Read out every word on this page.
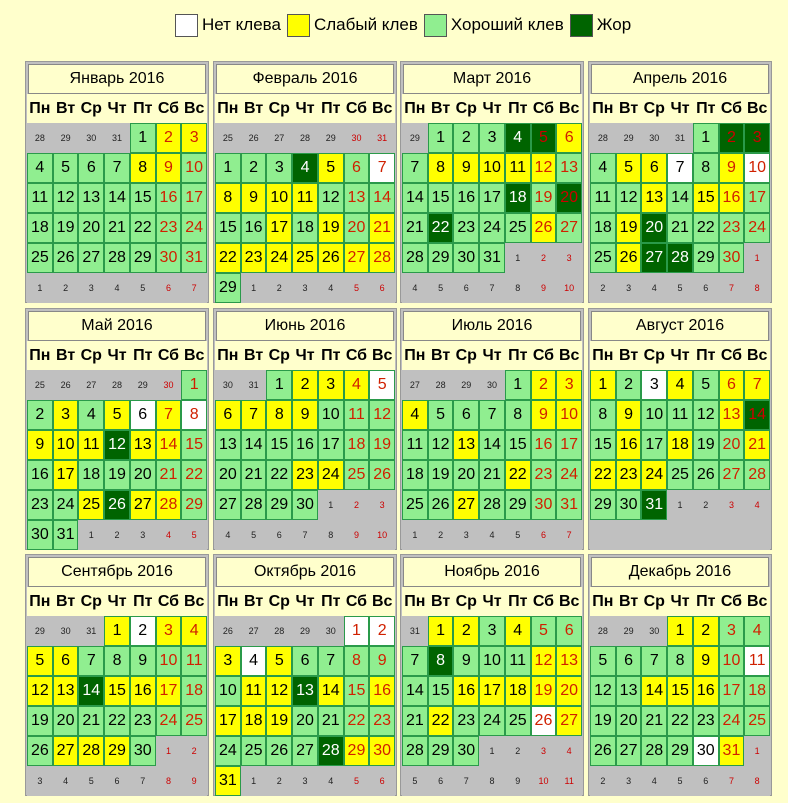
Нет клева Слабый клев Хороший клев Жор
Январь 2016
Пн Вт Ср Чт Пт Сб Вс
28	29	30	31	1	2	3
4	5	6	7	8	9 10
11 12 13 14 15 16 17
18 19 20 21 22 23 24
25 26 27 28 29 30 31
1	2	3	4	5	6	7
Февраль 2016
Пн Вт Ср Чт Пт Сб Вс
25	26	27	28	29	30	31
1	2	3	4	5	6	7
8	9 10 11 12 13 14
15 16 17 18 19 20 21
22 23 24 25 26 27 28
29	1	2	3	4	5	6
Март 2016
Пн Вт Ср Чт Пт Сб Вс
29	1	2	3	4	5	6
7	8	9 10 11 12 13
14 15 16 17 18 19 20
21 22 23 24 25 26 27
28 29 30 31	1	2	3
4	5	6	7	8	9	10
Апрель 2016
Пн Вт Ср Чт Пт Сб Вс
28	29	30	31	1	2	3
4	5	6	7	8	9 10
11 12 13 14 15 16 17
18 19 20 21 22 23 24
25 26 27 28 29 30	1
2	3	4	5	6	7	8
Май 2016
Пн Вт Ср Чт Пт Сб Вс
25	26	27	28	29	30	1
2	3	4	5	6	7	8
9 10 11 12 13 14 15
16 17 18 19 20 21 22
23 24 25 26 27 28 29
30 31	1	2	3	4	5
Июнь 2016
Пн Вт Ср Чт Пт Сб Вс
30	31	1	2	3	4	5
6	7	8	9 10 11 12
13 14 15 16 17 18 19
20 21 22 23 24 25 26
27 28 29 30	1	2	3
4	5	6	7	8	9	10
Июль 2016
Пн Вт Ср Чт Пт Сб Вс
27	28	29	30	1	2	3
4	5	6	7	8	9 10
11 12 13 14 15 16 17
18 19 20 21 22 23 24
25 26 27 28 29 30 31
1	2	3	4	5	6	7
Август 2016
Пн Вт Ср Чт Пт Сб Вс
1	2	3	4	5	6	7
8	9 10 11 12 13 14
15 16 17 18 19 20 21
22 23 24 25 26 27 28
29 30 31	1	2	3	4
Сентябрь 2016
Пн Вт Ср Чт Пт Сб Вс
29	30	31	1	2	3	4
5	6	7	8	9 10 11
12 13 14 15 16 17 18
19 20 21 22 23 24 25
26 27 28 29 30	1	2
3	4	5	6	7	8	9
Октябрь 2016
Пн Вт Ср Чт Пт Сб Вс
26	27	28	29	30	1	2
3	4	5	6	7	8	9
10 11 12 13 14 15 16
17 18 19 20 21 22 23
24 25 26 27 28 29 30
31	1	2	3	4	5	6
Ноябрь 2016
Пн Вт Ср Чт Пт Сб Вс
31	1	2	3	4	5	6
7	8	9 10 11 12 13
14 15 16 17 18 19 20
21 22 23 24 25 26 27
28 29 30	1	2	3	4
5	6	7	8	9	10	11
Декабрь 2016
Пн Вт Ср Чт Пт Сб Вс
28	29	30	1	2	3	4
5	6	7	8	9 10 11
12 13 14 15 16 17 18
19 20 21 22 23 24 25
26 27 28 29 30 31	1
2	3	4	5	6	7	8
